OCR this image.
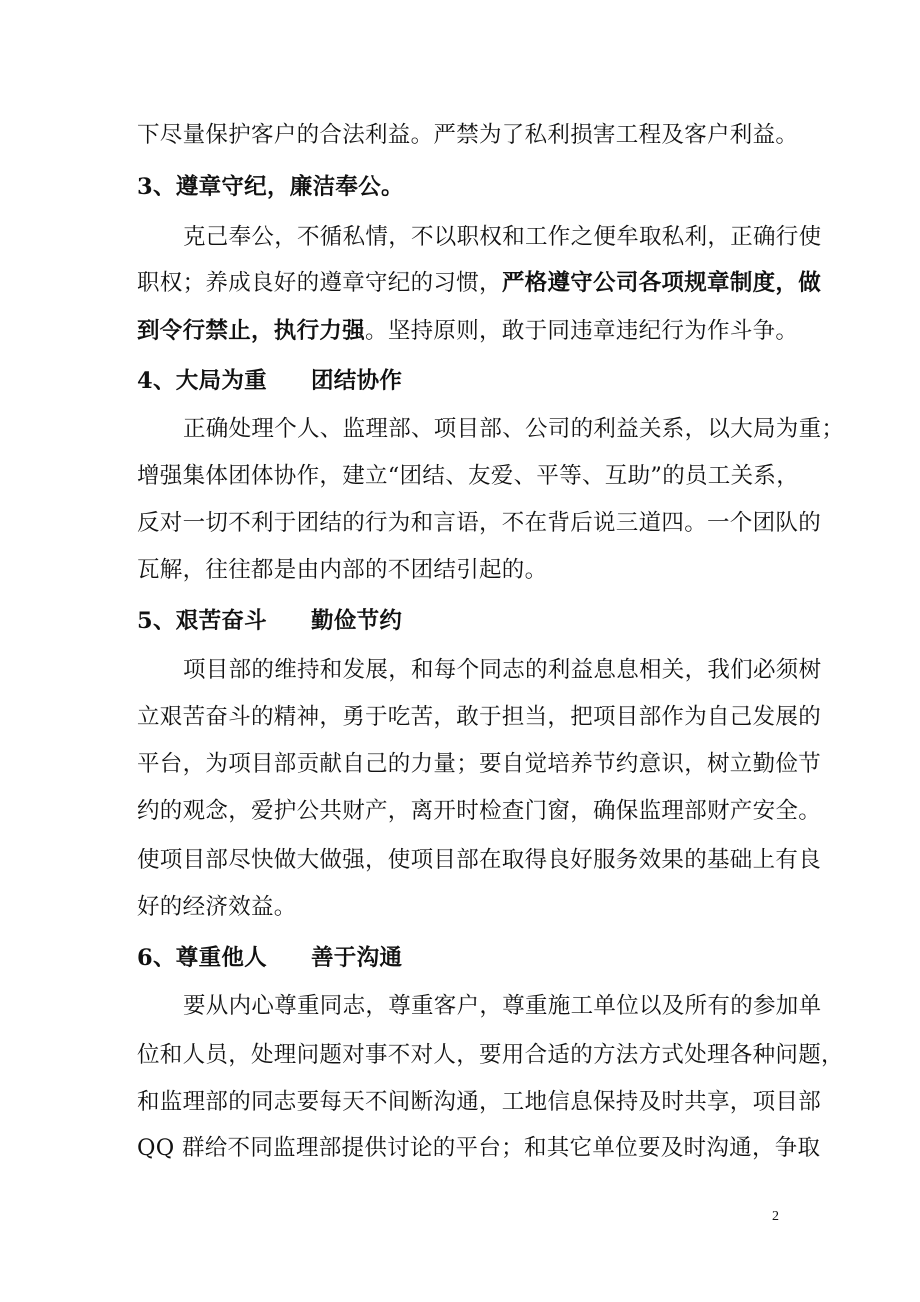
下尽量保护客户的合法利益。严禁为了私利损害工程及客户利益。
3、遵章守纪，廉洁奉公。
克己奉公，不循私情，不以职权和工作之便牟取私利，正确行使
职权；养成良好的遵章守纪的习惯，严格遵守公司各项规章制度，做
到令行禁止，执行力强。坚持原则，敢于同违章违纪行为作斗争。
4、大局为重 团结协作
正确处理个人、监理部、项目部、公司的利益关系，以大局为重；
增强集体团体协作，建立“团结、友爱、平等、互助”的员工关系，
反对一切不利于团结的行为和言语，不在背后说三道四。一个团队的
瓦解，往往都是由内部的不团结引起的。
5、艰苦奋斗 勤俭节约
项目部的维持和发展，和每个同志的利益息息相关，我们必须树
立艰苦奋斗的精神，勇于吃苦，敢于担当，把项目部作为自己发展的
平台，为项目部贡献自己的力量；要自觉培养节约意识，树立勤俭节
约的观念，爱护公共财产，离开时检查门窗，确保监理部财产安全。
使项目部尽快做大做强，使项目部在取得良好服务效果的基础上有良
好的经济效益。
6、尊重他人 善于沟通
要从内心尊重同志，尊重客户，尊重施工单位以及所有的参加单
位和人员，处理问题对事不对人，要用合适的方法方式处理各种问题，
和监理部的同志要每天不间断沟通，工地信息保持及时共享，项目部
QQ 群给不同监理部提供讨论的平台；和其它单位要及时沟通，争取
2
